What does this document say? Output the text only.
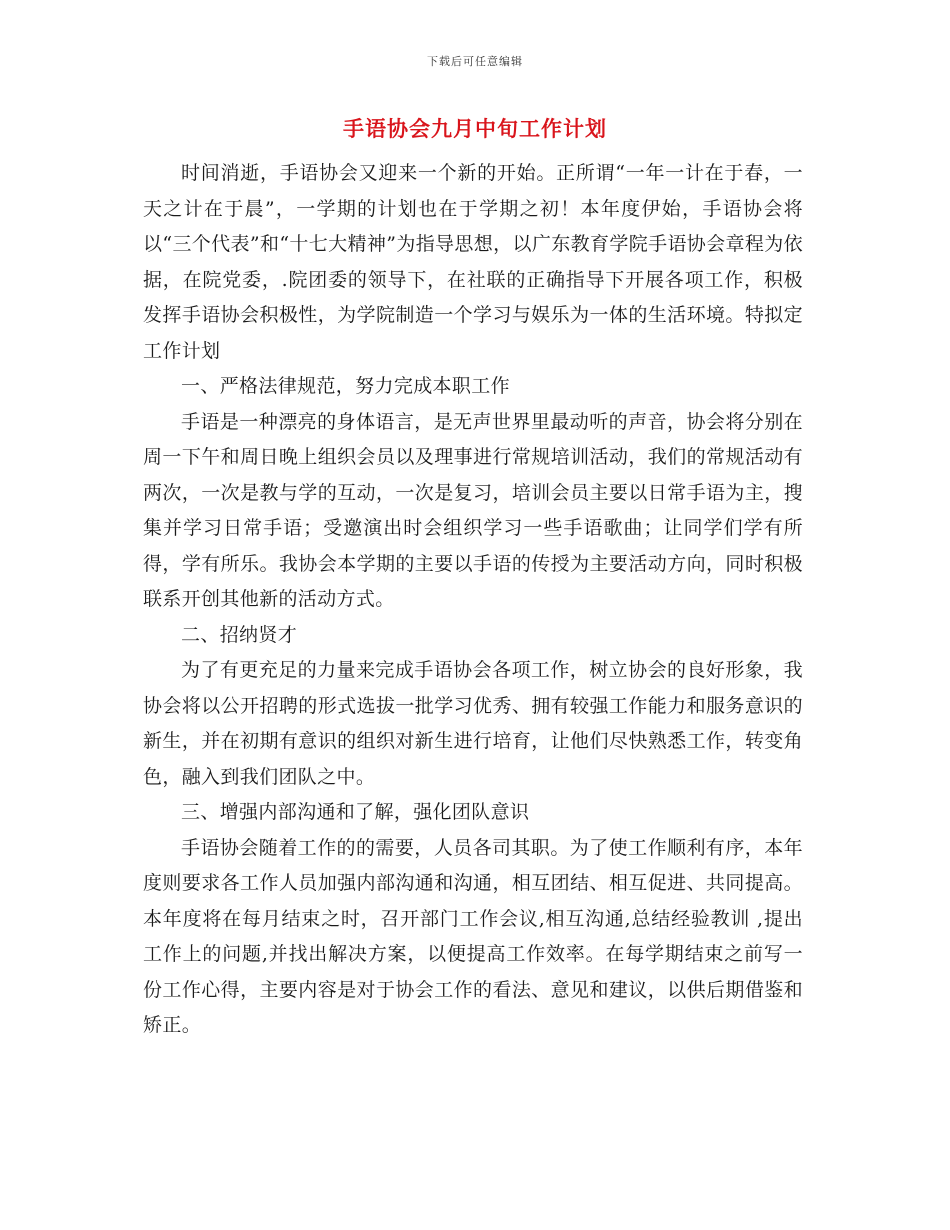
下载后可任意编辑
手语协会九月中旬工作计划

时间消逝，手语协会又迎来一个新的开始。正所谓“一年一计在于春，一天之计在于晨”，一学期的计划也在于学期之初！本年度伊始，手语协会将以“三个代表”和“十七大精神”为指导思想，以广东教育学院手语协会章程为依据，在院党委，.院团委的领导下，在社联的正确指导下开展各项工作，积极发挥手语协会积极性，为学院制造一个学习与娱乐为一体的生活环境。特拟定工作计划

一、严格法律规范，努力完成本职工作

手语是一种漂亮的身体语言，是无声世界里最动听的声音，协会将分别在周一下午和周日晚上组织会员以及理事进行常规培训活动，我们的常规活动有两次，一次是教与学的互动，一次是复习，培训会员主要以日常手语为主，搜集并学习日常手语；受邀演出时会组织学习一些手语歌曲；让同学们学有所得，学有所乐。我协会本学期的主要以手语的传授为主要活动方向，同时积极联系开创其他新的活动方式。

二、招纳贤才

为了有更充足的力量来完成手语协会各项工作，树立协会的良好形象，我协会将以公开招聘的形式选拔一批学习优秀、拥有较强工作能力和服务意识的新生，并在初期有意识的组织对新生进行培育，让他们尽快熟悉工作，转变角色，融入到我们团队之中。

三、增强内部沟通和了解，强化团队意识

手语协会随着工作的的需要，人员各司其职。为了使工作顺利有序，本年度则要求各工作人员加强内部沟通和沟通，相互团结、相互促进、共同提高。本年度将在每月结束之时，召开部门工作会议,相互沟通,总结经验教训 ,提出工作上的问题,并找出解决方案，以便提高工作效率。在每学期结束之前写一份工作心得，主要内容是对于协会工作的看法、意见和建议，以供后期借鉴和矫正。
